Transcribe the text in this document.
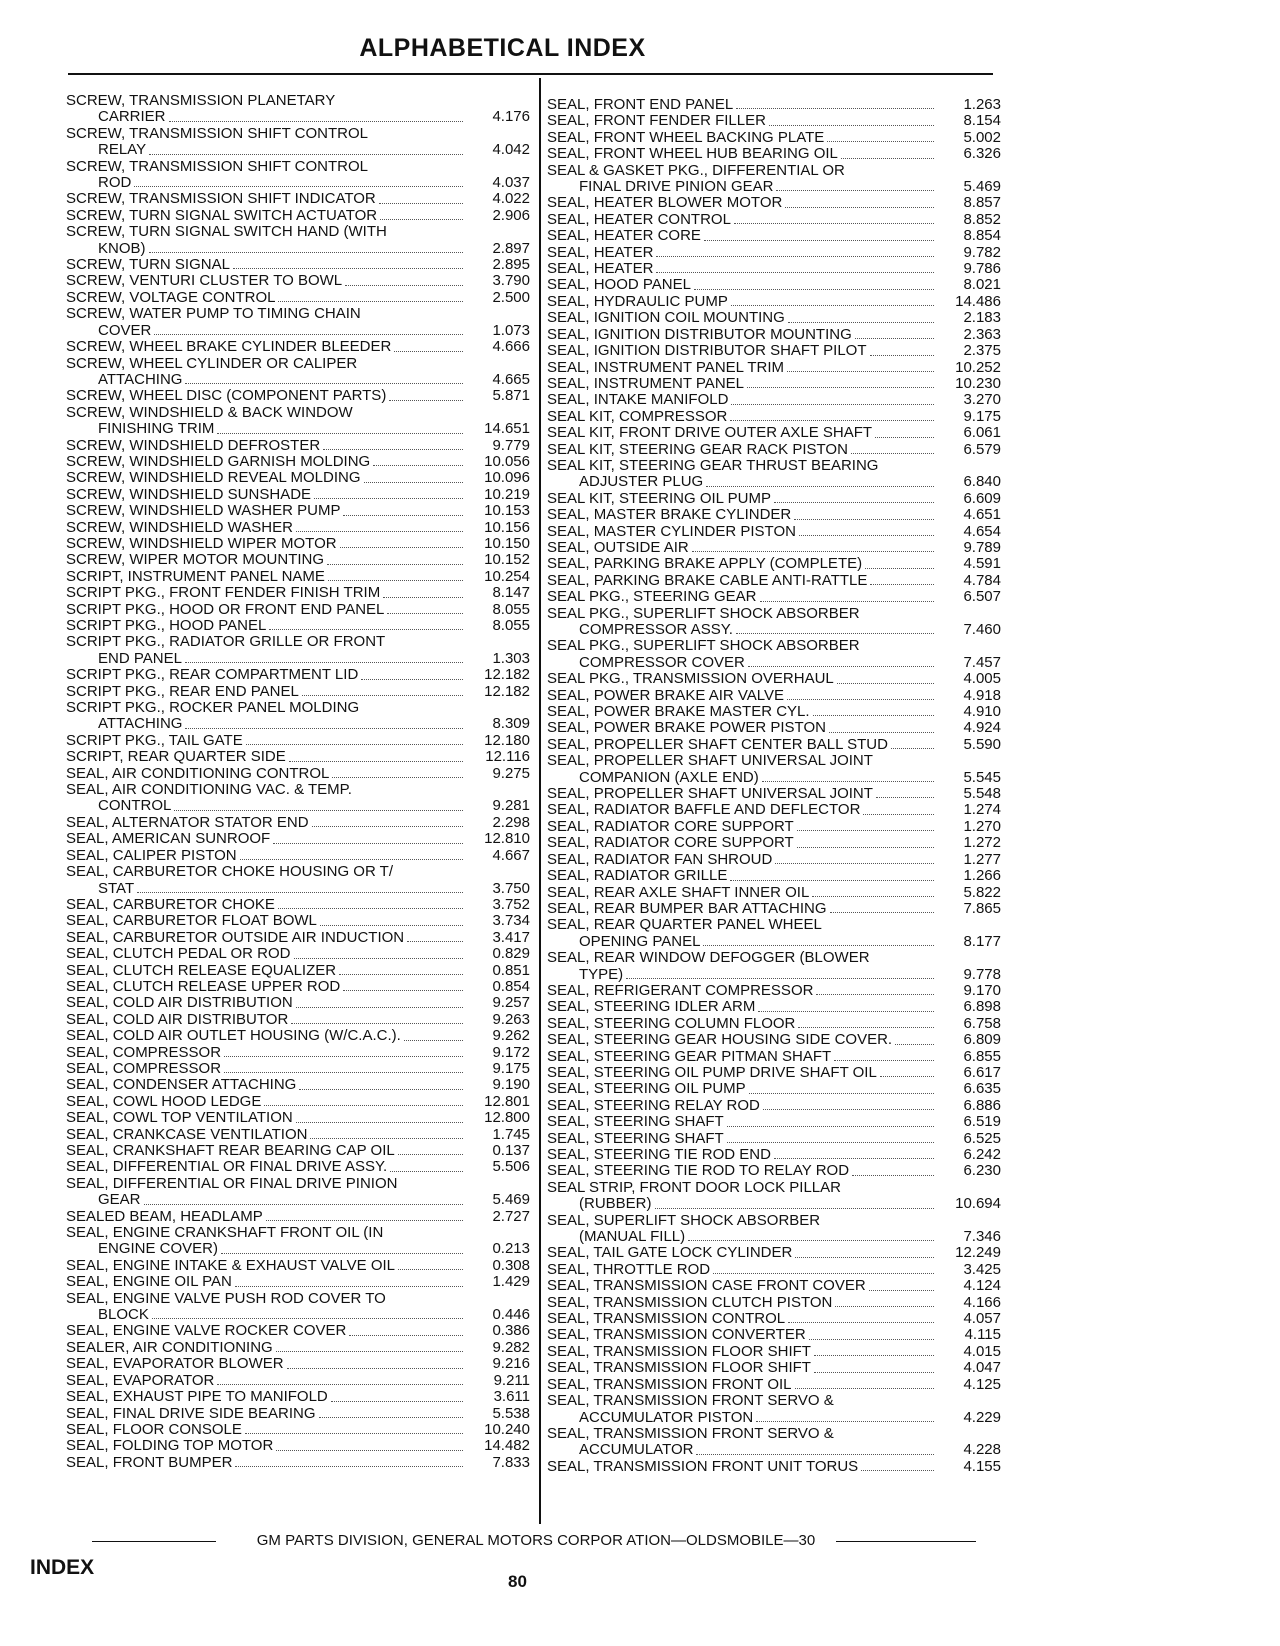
ALPHABETICAL INDEX
SCREW, TRANSMISSION PLANETARY
CARRIER	4.176
SCREW, TRANSMISSION SHIFT CONTROL
RELAY	4.042
SCREW, TRANSMISSION SHIFT CONTROL
ROD	4.037
SCREW, TRANSMISSION SHIFT INDICATOR	4.022
SCREW, TURN SIGNAL SWITCH ACTUATOR	2.906
SCREW, TURN SIGNAL SWITCH HAND (WITH
KNOB)	2.897
SCREW, TURN SIGNAL	2.895
SCREW, VENTURI CLUSTER TO BOWL	3.790
SCREW, VOLTAGE CONTROL	2.500
SCREW, WATER PUMP TO TIMING CHAIN
COVER	1.073
SCREW, WHEEL BRAKE CYLINDER BLEEDER	4.666
SCREW, WHEEL CYLINDER OR CALIPER
ATTACHING	4.665
SCREW, WHEEL DISC (COMPONENT PARTS)	5.871
SCREW, WINDSHIELD & BACK WINDOW
FINISHING TRIM	14.651
SCREW, WINDSHIELD DEFROSTER	9.779
SCREW, WINDSHIELD GARNISH MOLDING	10.056
SCREW, WINDSHIELD REVEAL MOLDING	10.096
SCREW, WINDSHIELD SUNSHADE	10.219
SCREW, WINDSHIELD WASHER PUMP	10.153
SCREW, WINDSHIELD WASHER	10.156
SCREW, WINDSHIELD WIPER MOTOR	10.150
SCREW, WIPER MOTOR MOUNTING	10.152
SCRIPT, INSTRUMENT PANEL NAME	10.254
SCRIPT PKG., FRONT FENDER FINISH TRIM	8.147
SCRIPT PKG., HOOD OR FRONT END PANEL	8.055
SCRIPT PKG., HOOD PANEL	8.055
SCRIPT PKG., RADIATOR GRILLE OR FRONT
END PANEL	1.303
SCRIPT PKG., REAR COMPARTMENT LID	12.182
SCRIPT PKG., REAR END PANEL	12.182
SCRIPT PKG., ROCKER PANEL MOLDING
ATTACHING	8.309
SCRIPT PKG., TAIL GATE	12.180
SCRIPT, REAR QUARTER SIDE	12.116
SEAL, AIR CONDITIONING CONTROL	9.275
SEAL, AIR CONDITIONING VAC. & TEMP.
CONTROL	9.281
SEAL, ALTERNATOR STATOR END	2.298
SEAL, AMERICAN SUNROOF	12.810
SEAL, CALIPER PISTON	4.667
SEAL, CARBURETOR CHOKE HOUSING OR T/
STAT	3.750
SEAL, CARBURETOR CHOKE	3.752
SEAL, CARBURETOR FLOAT BOWL	3.734
SEAL, CARBURETOR OUTSIDE AIR INDUCTION	3.417
SEAL, CLUTCH PEDAL OR ROD	0.829
SEAL, CLUTCH RELEASE EQUALIZER	0.851
SEAL, CLUTCH RELEASE UPPER ROD	0.854
SEAL, COLD AIR DISTRIBUTION	9.257
SEAL, COLD AIR DISTRIBUTOR	9.263
SEAL, COLD AIR OUTLET HOUSING (W/C.A.C.).	9.262
SEAL, COMPRESSOR	9.172
SEAL, COMPRESSOR	9.175
SEAL, CONDENSER ATTACHING	9.190
SEAL, COWL HOOD LEDGE	12.801
SEAL, COWL TOP VENTILATION	12.800
SEAL, CRANKCASE VENTILATION	1.745
SEAL, CRANKSHAFT REAR BEARING CAP OIL	0.137
SEAL, DIFFERENTIAL OR FINAL DRIVE ASSY.	5.506
SEAL, DIFFERENTIAL OR FINAL DRIVE PINION
GEAR	5.469
SEALED BEAM, HEADLAMP	2.727
SEAL, ENGINE CRANKSHAFT FRONT OIL (IN
ENGINE COVER)	0.213
SEAL, ENGINE INTAKE & EXHAUST VALVE OIL	0.308
SEAL, ENGINE OIL PAN	1.429
SEAL, ENGINE VALVE PUSH ROD COVER TO
BLOCK	0.446
SEAL, ENGINE VALVE ROCKER COVER	0.386
SEALER, AIR CONDITIONING	9.282
SEAL, EVAPORATOR BLOWER	9.216
SEAL, EVAPORATOR	9.211
SEAL, EXHAUST PIPE TO MANIFOLD	3.611
SEAL, FINAL DRIVE SIDE BEARING	5.538
SEAL, FLOOR CONSOLE	10.240
SEAL, FOLDING TOP MOTOR	14.482
SEAL, FRONT BUMPER	7.833
SEAL, FRONT END PANEL	1.263
SEAL, FRONT FENDER FILLER	8.154
SEAL, FRONT WHEEL BACKING PLATE	5.002
SEAL, FRONT WHEEL HUB BEARING OIL	6.326
SEAL & GASKET PKG., DIFFERENTIAL OR
FINAL DRIVE PINION GEAR	5.469
SEAL, HEATER BLOWER MOTOR	8.857
SEAL, HEATER CONTROL	8.852
SEAL, HEATER CORE	8.854
SEAL, HEATER	9.782
SEAL, HEATER	9.786
SEAL, HOOD PANEL	8.021
SEAL, HYDRAULIC PUMP	14.486
SEAL, IGNITION COIL MOUNTING	2.183
SEAL, IGNITION DISTRIBUTOR MOUNTING	2.363
SEAL, IGNITION DISTRIBUTOR SHAFT PILOT	2.375
SEAL, INSTRUMENT PANEL TRIM	10.252
SEAL, INSTRUMENT PANEL	10.230
SEAL, INTAKE MANIFOLD	3.270
SEAL KIT, COMPRESSOR	9.175
SEAL KIT, FRONT DRIVE OUTER AXLE SHAFT	6.061
SEAL KIT, STEERING GEAR RACK PISTON	6.579
SEAL KIT, STEERING GEAR THRUST BEARING
ADJUSTER PLUG	6.840
SEAL KIT, STEERING OIL PUMP	6.609
SEAL, MASTER BRAKE CYLINDER	4.651
SEAL, MASTER CYLINDER PISTON	4.654
SEAL, OUTSIDE AIR	9.789
SEAL, PARKING BRAKE APPLY (COMPLETE)	4.591
SEAL, PARKING BRAKE CABLE ANTI-RATTLE	4.784
SEAL PKG., STEERING GEAR	6.507
SEAL PKG., SUPERLIFT SHOCK ABSORBER
COMPRESSOR ASSY.	7.460
SEAL PKG., SUPERLIFT SHOCK ABSORBER
COMPRESSOR COVER	7.457
SEAL PKG., TRANSMISSION OVERHAUL	4.005
SEAL, POWER BRAKE AIR VALVE	4.918
SEAL, POWER BRAKE MASTER CYL.	4.910
SEAL, POWER BRAKE POWER PISTON	4.924
SEAL, PROPELLER SHAFT CENTER BALL STUD	5.590
SEAL, PROPELLER SHAFT UNIVERSAL JOINT
COMPANION (AXLE END)	5.545
SEAL, PROPELLER SHAFT UNIVERSAL JOINT	5.548
SEAL, RADIATOR BAFFLE AND DEFLECTOR	1.274
SEAL, RADIATOR CORE SUPPORT	1.270
SEAL, RADIATOR CORE SUPPORT	1.272
SEAL, RADIATOR FAN SHROUD	1.277
SEAL, RADIATOR GRILLE	1.266
SEAL, REAR AXLE SHAFT INNER OIL	5.822
SEAL, REAR BUMPER BAR ATTACHING	7.865
SEAL, REAR QUARTER PANEL WHEEL
OPENING PANEL	8.177
SEAL, REAR WINDOW DEFOGGER (BLOWER
TYPE)	9.778
SEAL, REFRIGERANT COMPRESSOR	9.170
SEAL, STEERING IDLER ARM	6.898
SEAL, STEERING COLUMN FLOOR	6.758
SEAL, STEERING GEAR HOUSING SIDE COVER.	6.809
SEAL, STEERING GEAR PITMAN SHAFT	6.855
SEAL, STEERING OIL PUMP DRIVE SHAFT OIL	6.617
SEAL, STEERING OIL PUMP	6.635
SEAL, STEERING RELAY ROD	6.886
SEAL, STEERING SHAFT	6.519
SEAL, STEERING SHAFT	6.525
SEAL, STEERING TIE ROD END	6.242
SEAL, STEERING TIE ROD TO RELAY ROD	6.230
SEAL STRIP, FRONT DOOR LOCK PILLAR
(RUBBER)	10.694
SEAL, SUPERLIFT SHOCK ABSORBER
(MANUAL FILL)	7.346
SEAL, TAIL GATE LOCK CYLINDER	12.249
SEAL, THROTTLE ROD	3.425
SEAL, TRANSMISSION CASE FRONT COVER	4.124
SEAL, TRANSMISSION CLUTCH PISTON	4.166
SEAL, TRANSMISSION CONTROL	4.057
SEAL, TRANSMISSION CONVERTER	4.115
SEAL, TRANSMISSION FLOOR SHIFT	4.015
SEAL, TRANSMISSION FLOOR SHIFT	4.047
SEAL, TRANSMISSION FRONT OIL	4.125
SEAL, TRANSMISSION FRONT SERVO &
ACCUMULATOR PISTON	4.229
SEAL, TRANSMISSION FRONT SERVO &
ACCUMULATOR	4.228
SEAL, TRANSMISSION FRONT UNIT TORUS	4.155
GM PARTS DIVISION, GENERAL MOTORS CORPOR ATION—OLDSMOBILE—30
INDEX
80
